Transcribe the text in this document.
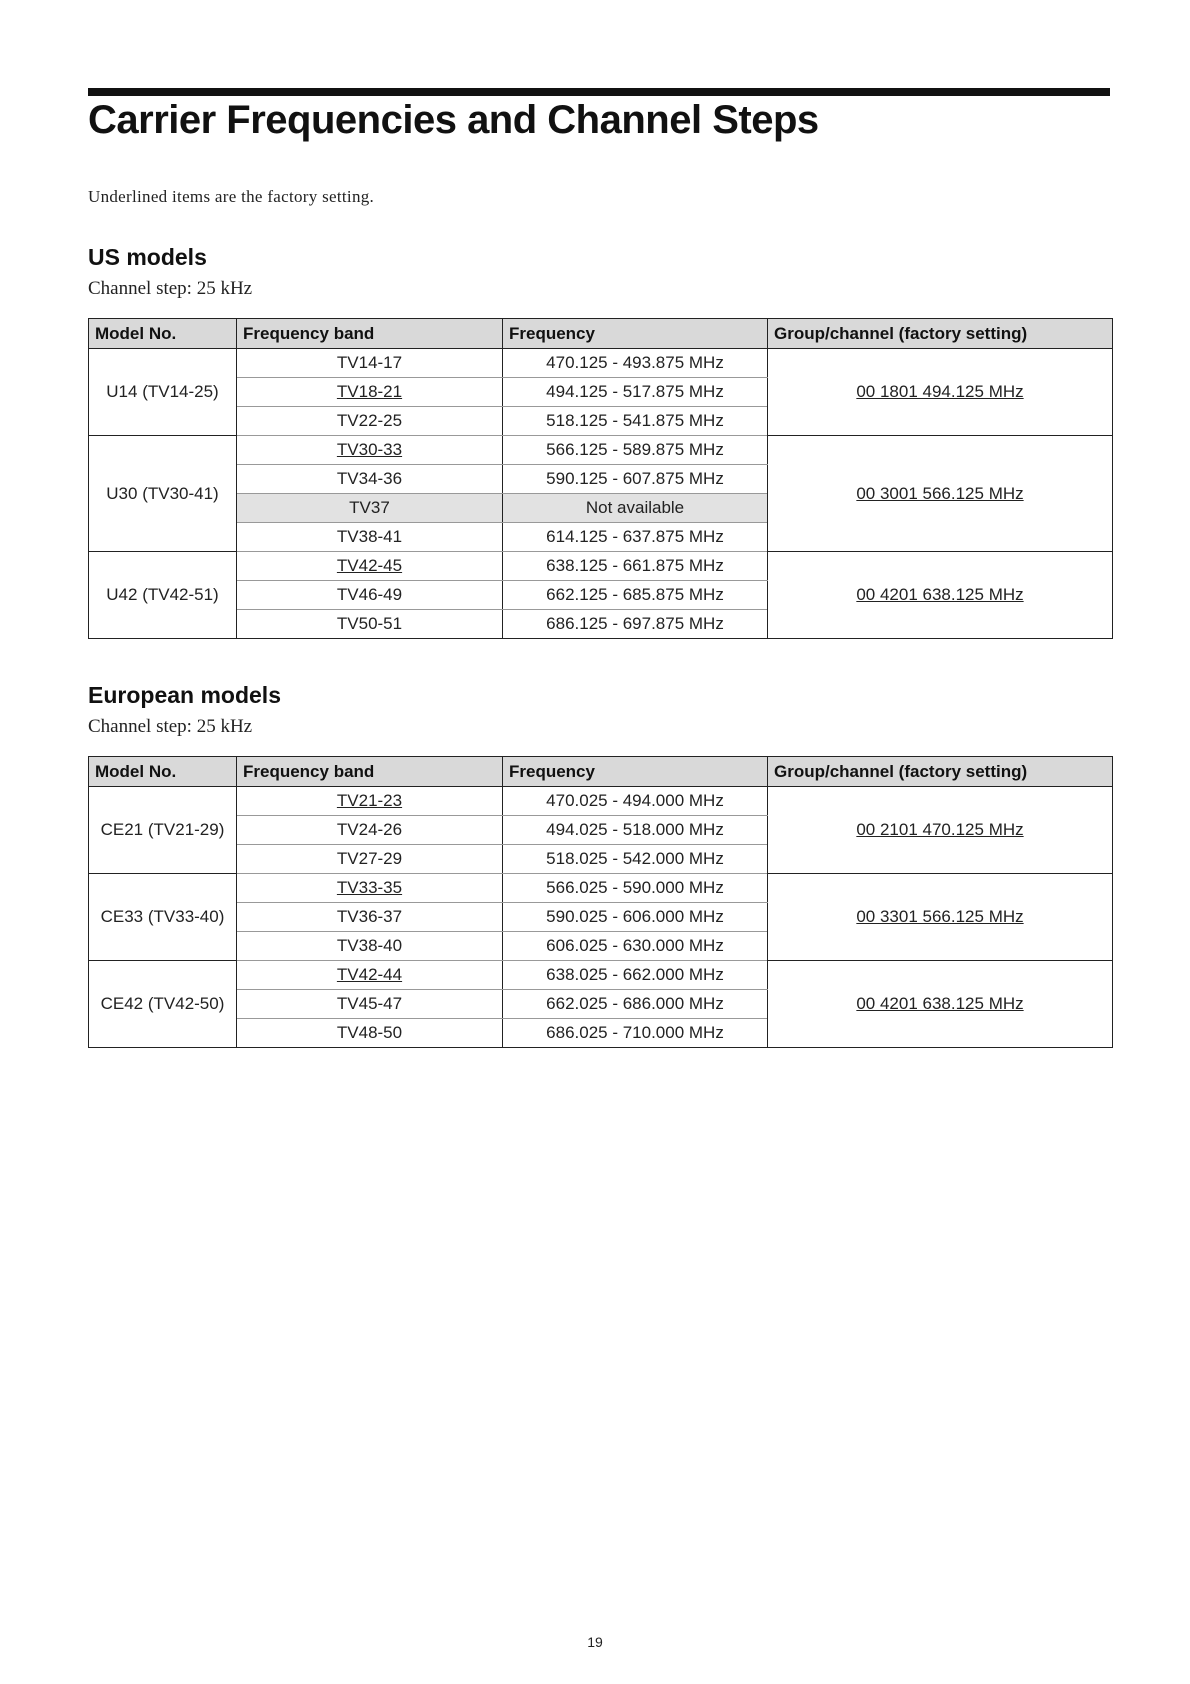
Carrier Frequencies and Channel Steps
Underlined items are the factory setting.
US models
Channel step: 25 kHz
Model No.	Frequency band	Frequency	Group/channel (factory setting)
U14 (TV14-25)	TV14-17	470.125 - 493.875 MHz	00 1801 494.125 MHz
	TV18-21	494.125 - 517.875 MHz	
	TV22-25	518.125 - 541.875 MHz	
U30 (TV30-41)	TV30-33	566.125 - 589.875 MHz	00 3001 566.125 MHz
	TV34-36	590.125 - 607.875 MHz	
	TV37	Not available	
	TV38-41	614.125 - 637.875 MHz	
U42 (TV42-51)	TV42-45	638.125 - 661.875 MHz	00 4201 638.125 MHz
	TV46-49	662.125 - 685.875 MHz	
	TV50-51	686.125 - 697.875 MHz	
European models
Channel step: 25 kHz
Model No.	Frequency band	Frequency	Group/channel (factory setting)
CE21 (TV21-29)	TV21-23	470.025 - 494.000 MHz	00 2101 470.125 MHz
	TV24-26	494.025 - 518.000 MHz	
	TV27-29	518.025 - 542.000 MHz	
CE33 (TV33-40)	TV33-35	566.025 - 590.000 MHz	00 3301 566.125 MHz
	TV36-37	590.025 - 606.000 MHz	
	TV38-40	606.025 - 630.000 MHz	
CE42 (TV42-50)	TV42-44	638.025 - 662.000 MHz	00 4201 638.125 MHz
	TV45-47	662.025 - 686.000 MHz	
	TV48-50	686.025 - 710.000 MHz	
19
